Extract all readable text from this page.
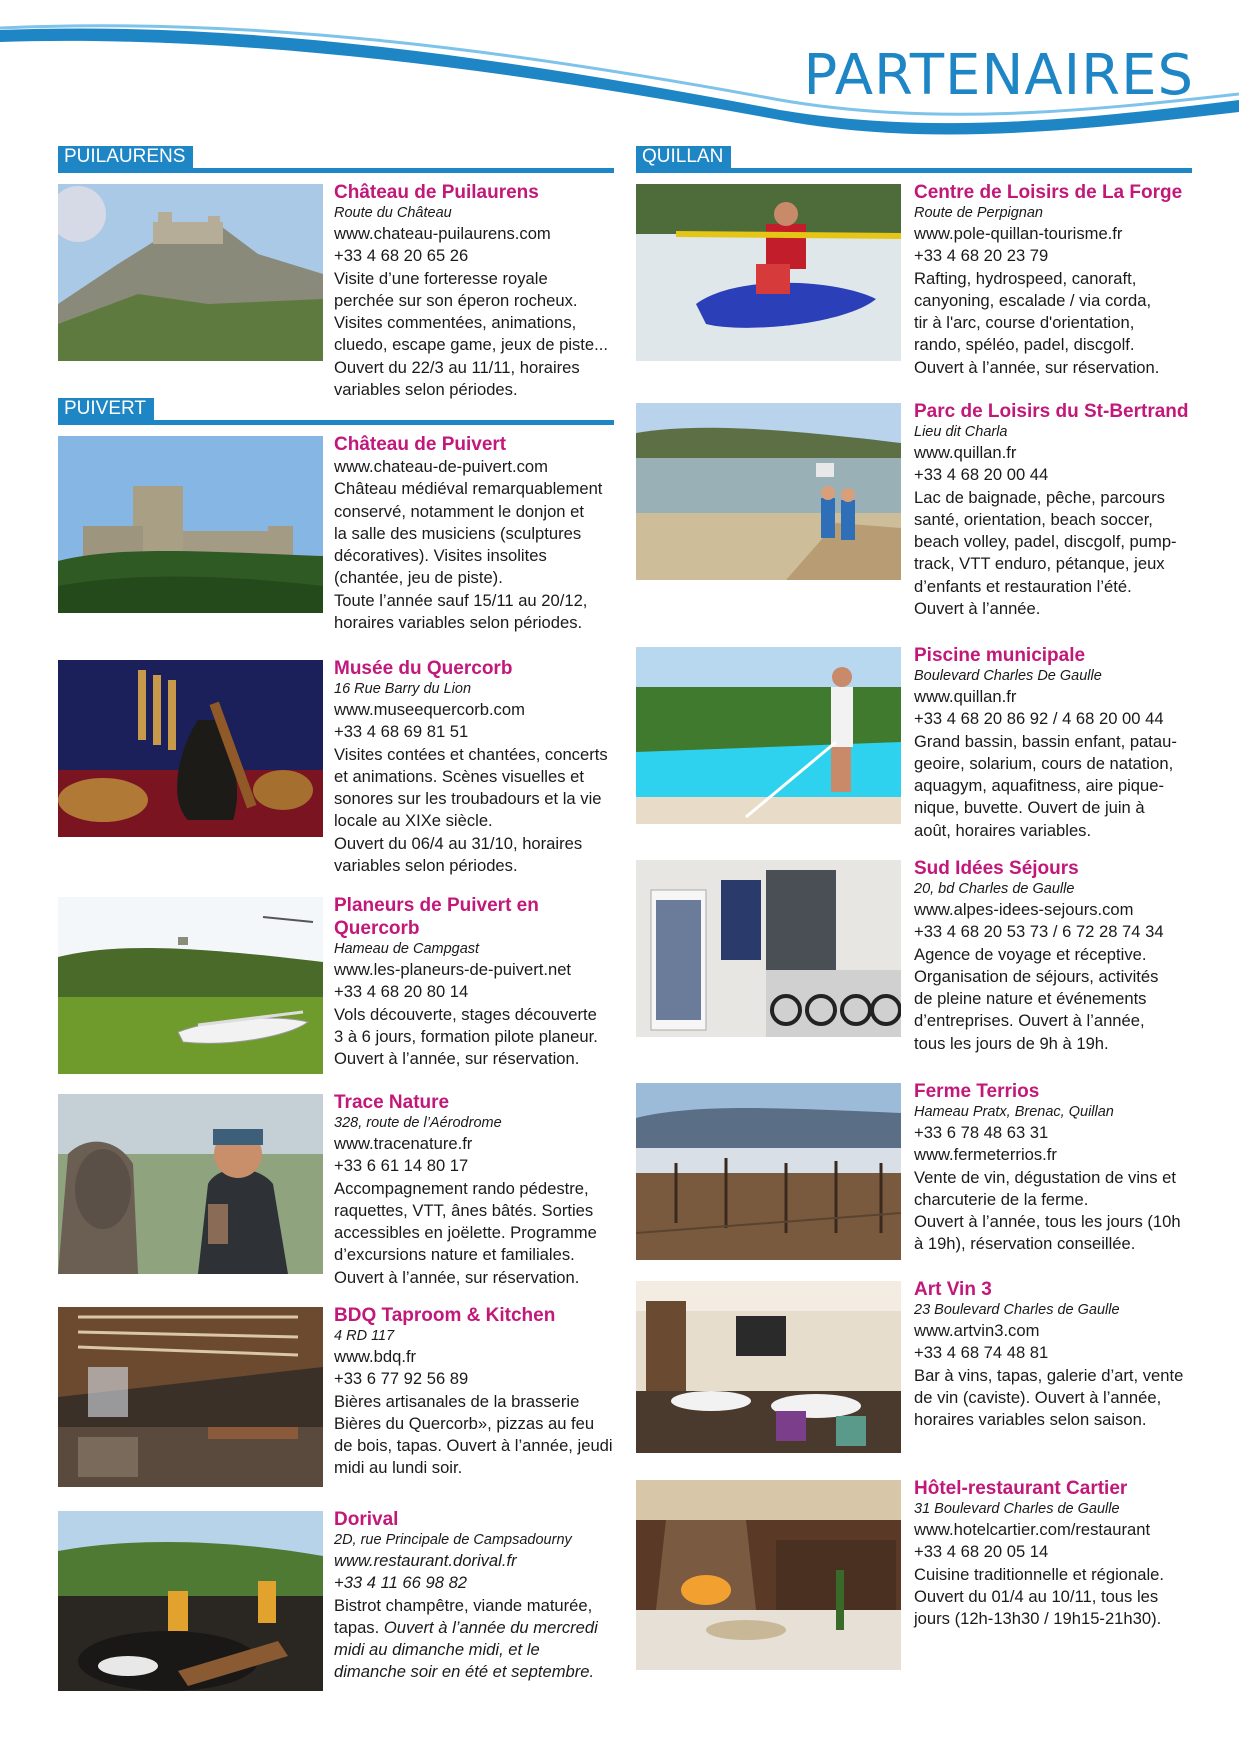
PARTENAIRES
PUILAURENS
PUIVERT
QUILLAN
Château de Puilaurens
Route du Château
www.chateau-puilaurens.com
+33 4 68 20 65 26
Visite d’une forteresse royale
perchée sur son éperon rocheux.
Visites commentées, animations,
cluedo, escape game, jeux de piste...
Ouvert du 22/3 au 11/11, horaires
variables selon périodes.
Château de Puivert
www.chateau-de-puivert.com
Château médiéval remarquablement
conservé, notamment le donjon et
la salle des musiciens (sculptures
décoratives). Visites insolites
(chantée, jeu de piste).
Toute l’année sauf 15/11 au 20/12,
horaires variables selon périodes.
Musée du Quercorb
16 Rue Barry du Lion
www.museequercorb.com
+33 4 68 69 81 51
Visites contées et chantées, concerts
et animations. Scènes visuelles et
sonores sur les troubadours et la vie
locale au XIXe siècle.
Ouvert du 06/4 au 31/10, horaires
variables selon périodes.
Planeurs de Puivert en Quercorb
Hameau de Campgast
www.les-planeurs-de-puivert.net
+33 4 68 20 80 14
Vols découverte, stages découverte
3 à 6 jours, formation pilote planeur.
Ouvert à l’année, sur réservation.
Trace Nature
328, route de l’Aérodrome
www.tracenature.fr
+33 6 61 14 80 17
Accompagnement rando pédestre,
raquettes, VTT, ânes bâtés. Sorties
accessibles en joëlette. Programme
d’excursions nature et familiales.
Ouvert à l’année, sur réservation.
BDQ Taproom & Kitchen
4 RD 117
www.bdq.fr
+33 6 77 92 56 89
Bières artisanales de la brasserie
Bières du Quercorb», pizzas au feu
de bois, tapas. Ouvert à l’année, jeudi
midi au lundi soir.
Dorival
2D, rue Principale de Campsadourny
www.restaurant.dorival.fr
+33 4 11 66 98 82
Bistrot champêtre, viande maturée,
tapas. Ouvert à l’année du mercredi
midi au dimanche midi, et le
dimanche soir en été et septembre.
Centre de Loisirs de La Forge
Route de Perpignan
www.pole-quillan-tourisme.fr
+33 4 68 20 23 79
Rafting, hydrospeed, canoraft,
canyoning, escalade / via corda,
tir à l'arc, course d'orientation,
rando, spéléo, padel, discgolf.
Ouvert à l’année, sur réservation.
Parc de Loisirs du St-Bertrand
Lieu dit Charla
www.quillan.fr
+33 4 68 20 00 44
Lac de baignade, pêche, parcours
santé, orientation, beach soccer,
beach volley, padel, discgolf, pump-
track, VTT enduro, pétanque, jeux
d’enfants et restauration l’été.
Ouvert à l’année.
Piscine municipale
Boulevard Charles De Gaulle
www.quillan.fr
+33 4 68 20 86 92 / 4 68 20 00 44
Grand bassin, bassin enfant, patau-
geoire, solarium, cours de natation,
aquagym, aquafitness, aire pique-
nique, buvette. Ouvert de juin à
août, horaires variables.
Sud Idées Séjours
20, bd Charles de Gaulle
www.alpes-idees-sejours.com
+33 4 68 20 53 73 / 6 72 28 74 34
Agence de voyage et réceptive.
Organisation de séjours, activités
de pleine nature et événements
d’entreprises. Ouvert à l’année,
tous les jours de 9h à 19h.
Ferme Terrios
Hameau Pratx, Brenac, Quillan
+33 6 78 48 63 31
www.fermeterrios.fr
Vente de vin, dégustation de vins et
charcuterie de la ferme.
Ouvert à l’année, tous les jours (10h
à 19h), réservation conseillée.
Art Vin 3
23 Boulevard Charles de Gaulle
www.artvin3.com
+33 4 68 74 48 81
Bar à vins, tapas, galerie d’art, vente
de vin (caviste). Ouvert à l’année,
horaires variables selon saison.
Hôtel-restaurant Cartier
31 Boulevard Charles de Gaulle
www.hotelcartier.com/restaurant
+33 4 68 20 05 14
Cuisine traditionnelle et régionale.
Ouvert du 01/4 au 10/11, tous les
jours (12h-13h30 / 19h15-21h30).
